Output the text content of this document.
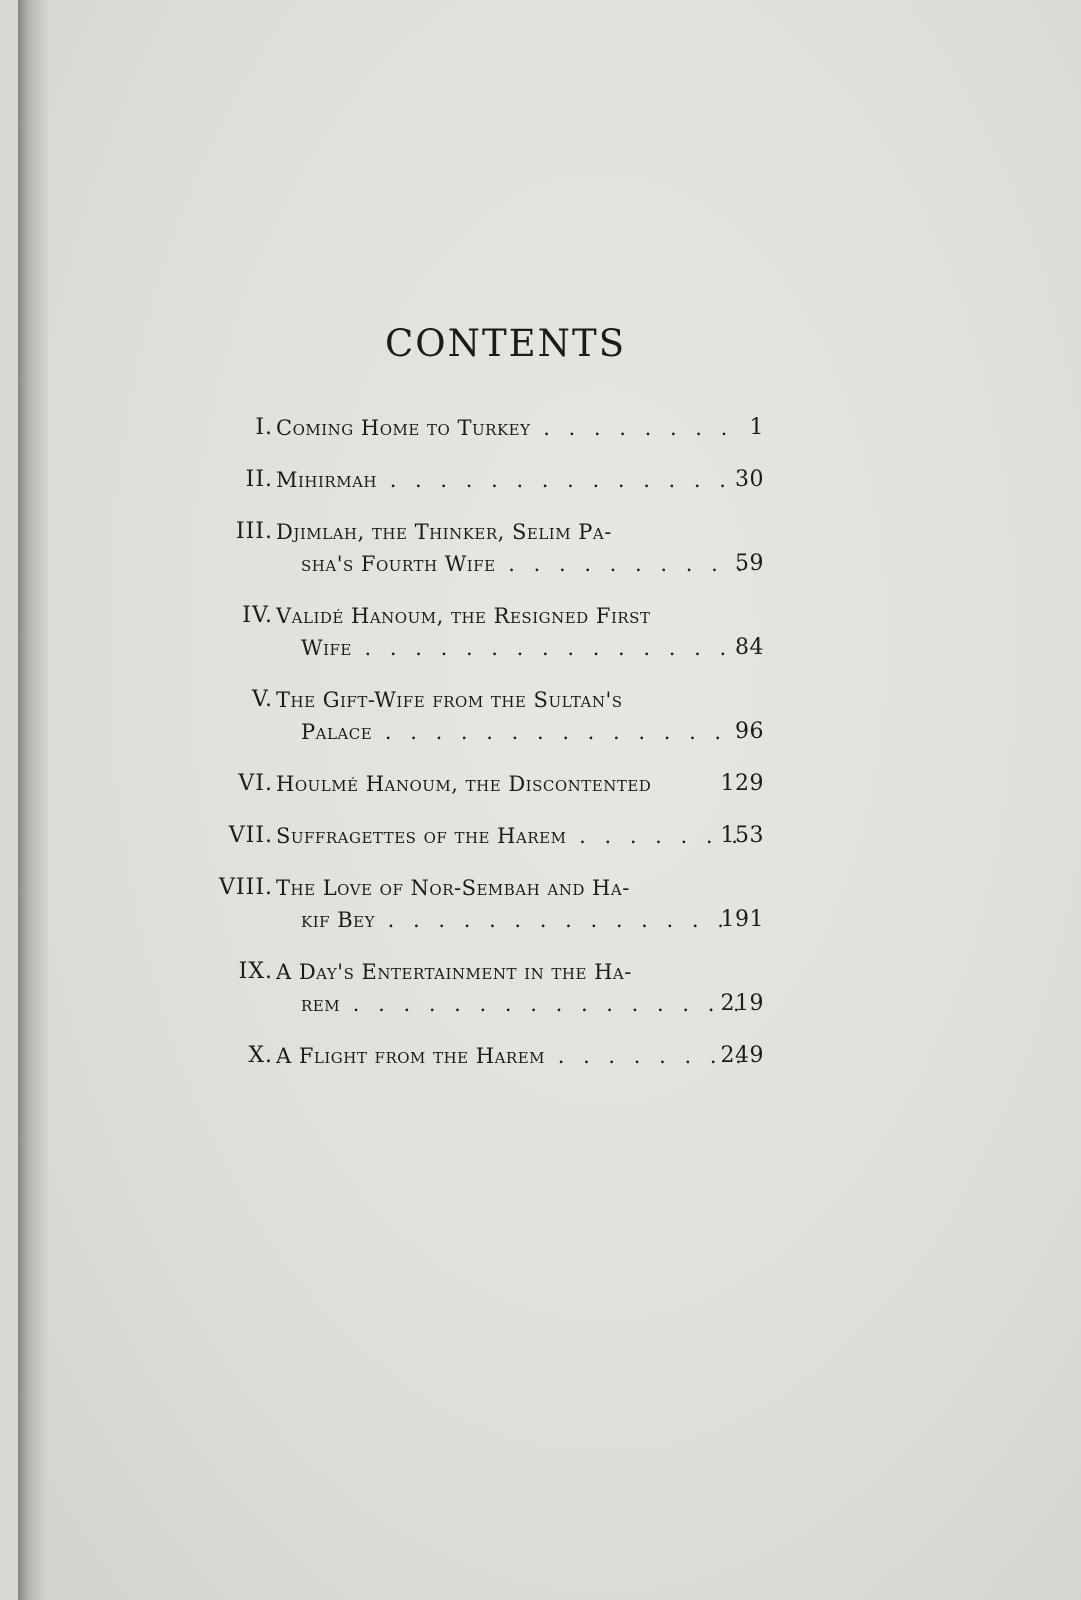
CONTENTS
I. Coming Home to Turkey . . .	1
II. Mihirmah . . .	30
III. Djimlah, the Thinker, Selim Pa-
sha's Fourth Wife . . .	59
IV. Validé Hanoum, the Resigned First
Wife . . .	84
V. The Gift-Wife from the Sultan's
Palace . . .	96
VI. Houlmé Hanoum, the Discontented	129
VII. Suffragettes of the Harem . . .	153
VIII. The Love of Nor-Sembah and Ha-
kif Bey . . .	191
IX. A Day's Entertainment in the Ha-
rem . . .	219
X. A Flight from the Harem . . .	249
